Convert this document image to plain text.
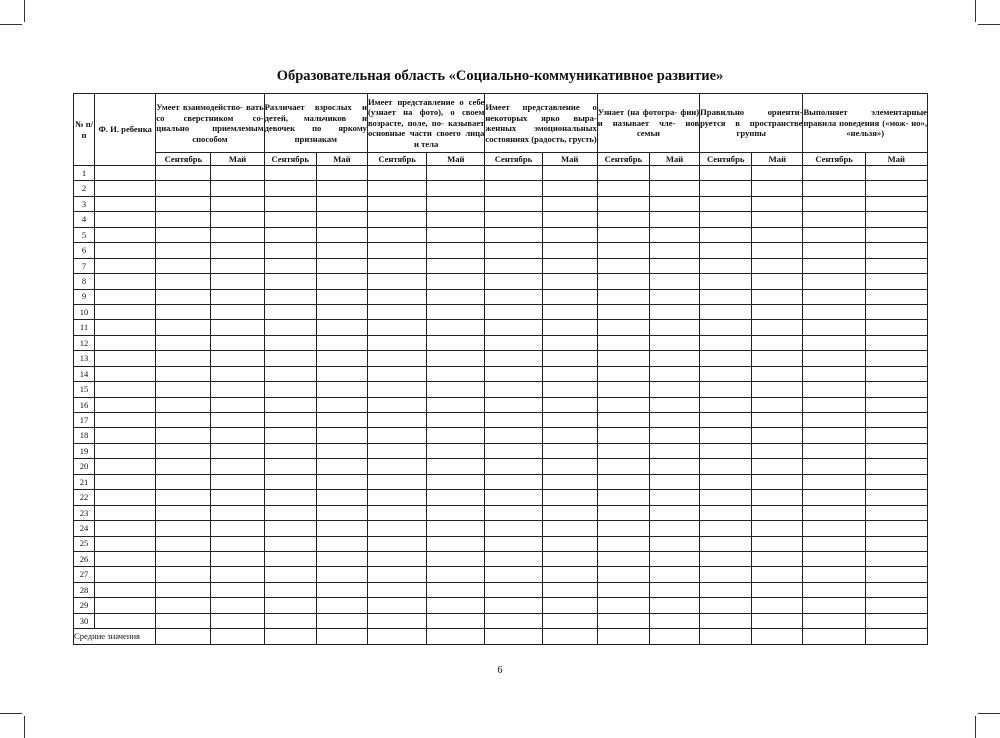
Образовательная область «Социально-коммуникативное развитие»
№ п/п	Ф. И. ребенка	Умеет взаимодейство- вать со сверстником со- циально приемлемым способом		Различает взрослых и детей, мальчиков и девочек по яркому признакам		Имеет представление о себе (узнает на фото), о своем возрасте, поле, по- казывает основные части своего лица и тела		Имеет представление о некоторых ярко выра- женных эмоциональных состояниях (радость, грусть)		Узнает (на фотогра- фии) и называет чле- нов семьи		Правильно ориенти- руется в пространстве группы		Выполняет элементарные правила поведения («мож- но», «нельзя»)	
		Сентябрь	Май	Сентябрь	Май	Сентябрь	Май	Сентябрь	Май	Сентябрь	Май	Сентябрь	Май	Сентябрь	Май
1															
2															
3															
4															
5															
6															
7															
8															
9															
10															
11															
12															
13															
14															
15															
16															
17															
18															
19															
20															
21															
22															
23															
24															
25															
26															
27															
28															
29															
30															
Средние значения															
6
